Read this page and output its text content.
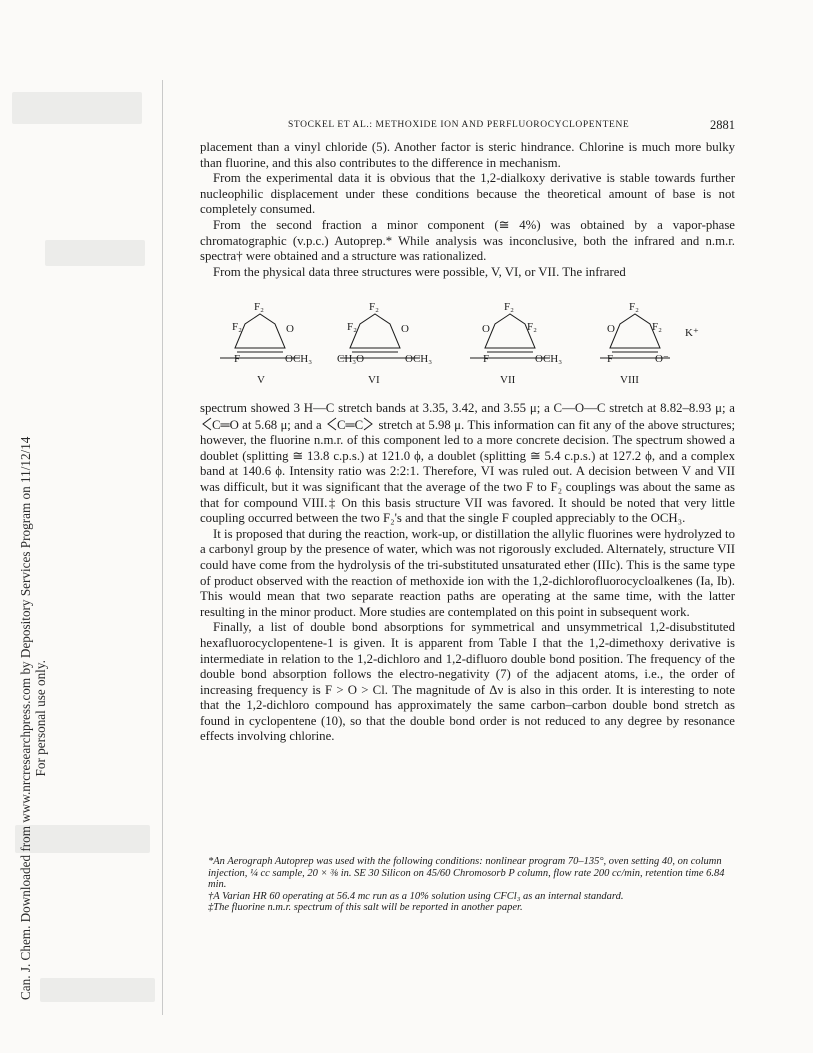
Can. J. Chem. Downloaded from www.nrcresearchpress.com by Depository Services Program on 11/12/14 For personal use only.
STOCKEL ET AL.: METHOXIDE ION AND PERFLUOROCYCLOPENTENE	2881

placement than a vinyl chloride (5). Another factor is steric hindrance. Chlorine is much more bulky than fluorine, and this also contributes to the difference in mechanism.

From the experimental data it is obvious that the 1,2-dialkoxy derivative is stable towards further nucleophilic displacement under these conditions because the theoretical amount of base is not completely consumed.

From the second fraction a minor component (≅ 4%) was obtained by a vapor-phase chromatographic (v.p.c.) Autoprep.* While analysis was inconclusive, both the infrared and n.m.r. spectra† were obtained and a structure was rationalized.

From the physical data three structures were possible, V, VI, or VII. The infrared

F₂
F₂	O
F	OCH₃
V
F₂
F₂	O
CH₃O	OCH₃
VI
F₂
O	F₂
F	OCH₃
VII
F₂
O	F₂
F	O⁻
K⁺
VIII

spectrum showed 3 H—C stretch bands at 3.35, 3.42, and 3.55 μ; a C—O—C stretch at 8.82–8.93 μ; a C═O at 5.68 μ; and a C═C stretch at 5.98 μ. This information can fit any of the above structures; however, the fluorine n.m.r. of this component led to a more concrete decision. The spectrum showed a doublet (splitting ≅ 13.8 c.p.s.) at 121.0 ϕ, a doublet (splitting ≅ 5.4 c.p.s.) at 127.2 ϕ, and a complex band at 140.6 ϕ. Intensity ratio was 2:2:1. Therefore, VI was ruled out. A decision between V and VII was difficult, but it was significant that the average of the two F to F₂ couplings was about the same as that for compound VIII.‡ On this basis structure VII was favored. It should be noted that very little coupling occurred between the two F₂'s and that the single F coupled appreciably to the OCH₃.

It is proposed that during the reaction, work-up, or distillation the allylic fluorines were hydrolyzed to a carbonyl group by the presence of water, which was not rigorously excluded. Alternately, structure VII could have come from the hydrolysis of the tri-substituted unsaturated ether (IIIc). This is the same type of product observed with the reaction of methoxide ion with the 1,2-dichlorofluorocycloalkenes (Ia, Ib). This would mean that two separate reaction paths are operating at the same time, with the latter resulting in the minor product. More studies are contemplated on this point in subsequent work.

Finally, a list of double bond absorptions for symmetrical and unsymmetrical 1,2-disubstituted hexafluorocyclopentene-1 is given. It is apparent from Table I that the 1,2-dimethoxy derivative is intermediate in relation to the 1,2-dichloro and 1,2-difluoro double bond position. The frequency of the double bond absorption follows the electro-negativity (7) of the adjacent atoms, i.e., the order of increasing frequency is F > O > Cl. The magnitude of Δν is also in this order. It is interesting to note that the 1,2-dichloro compound has approximately the same carbon–carbon double bond stretch as found in cyclopentene (10), so that the double bond order is not reduced to any degree by resonance effects involving chlorine.

*An Aerograph Autoprep was used with the following conditions: nonlinear program 70–135°, oven setting 40, on column injection, ¼ cc sample, 20 × ⅜ in. SE 30 Silicon on 45/60 Chromosorb P column, flow rate 200 cc/min, retention time 6.84 min.

†A Varian HR 60 operating at 56.4 mc run as a 10% solution using CFCl₃ as an internal standard.

‡The fluorine n.m.r. spectrum of this salt will be reported in another paper.
